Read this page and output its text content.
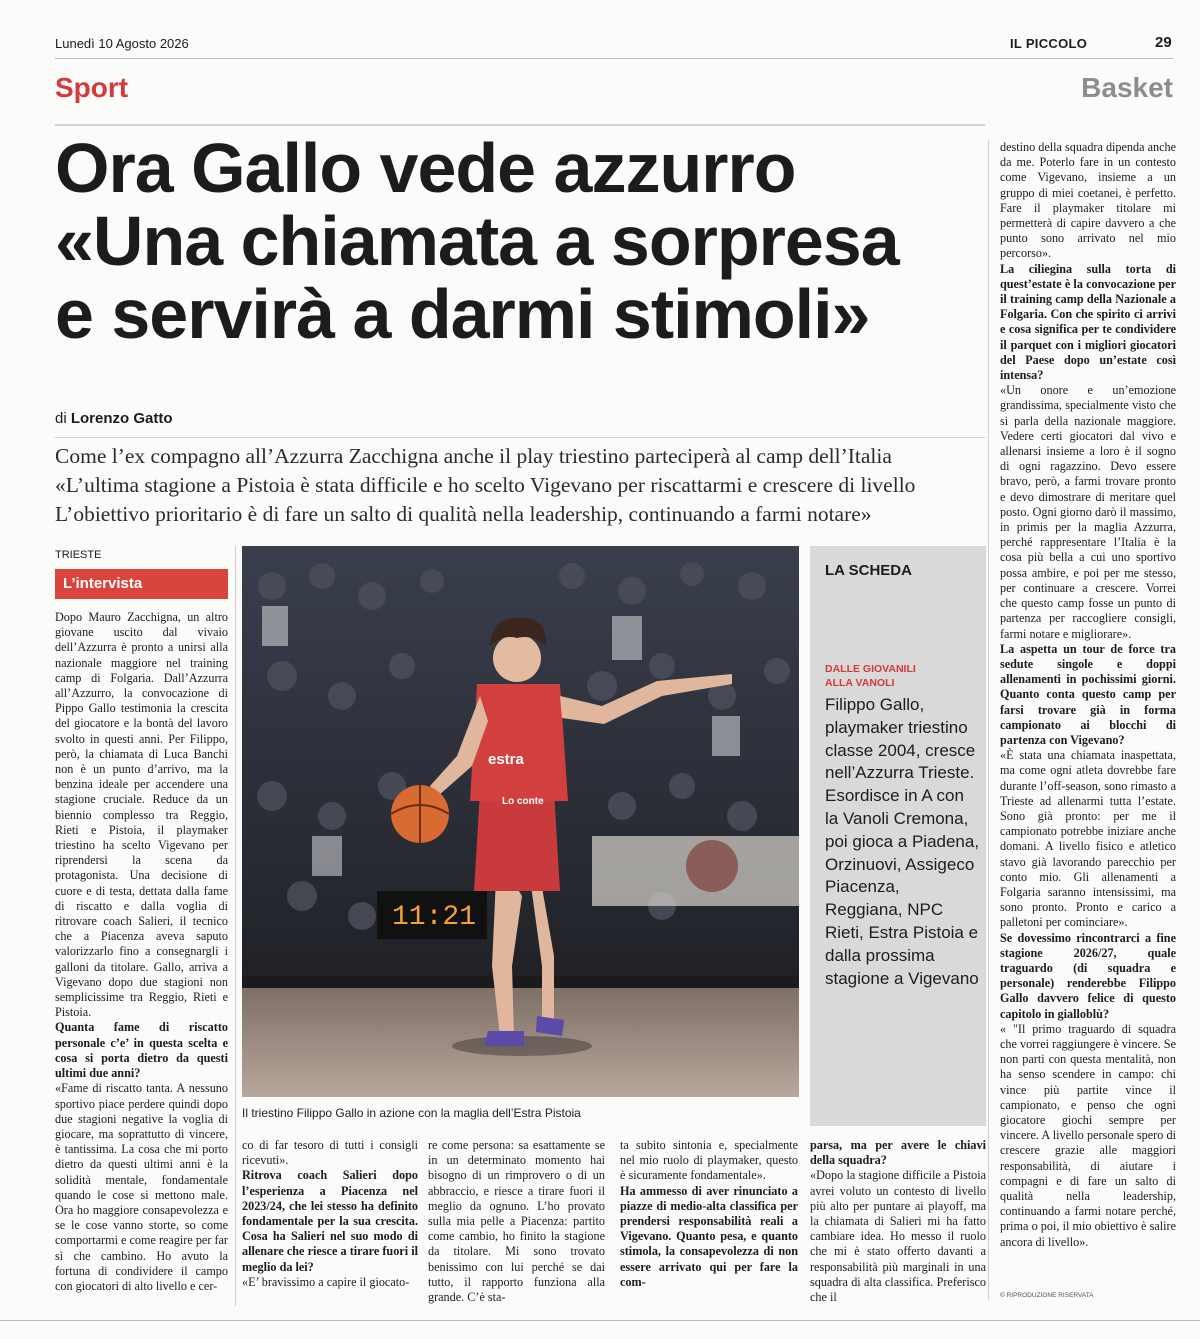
Lunedì 10 Agosto 2026	IL PICCOLO	29
Sport	Basket
Ora Gallo vede azzurro
«Una chiamata a sorpresa
e servirà a darmi stimoli»
di Lorenzo Gatto
Come l’ex compagno all’Azzurra Zacchigna anche il play triestino parteciperà al camp dell’Italia
«L’ultima stagione a Pistoia è stata difficile e ho scelto Vigevano per riscattarmi e crescere di livello
L’obiettivo prioritario è di fare un salto di qualità nella leadership, continuando a farmi notare»
TRIESTE
L’intervista

Dopo Mauro Zacchigna, un altro giovane uscito dal vivaio dell’Azzurra è pronto a unirsi alla nazionale maggiore nel training camp di Folgaria. Dall’Azzurra all’Azzurro, la convocazione di Pippo Gallo testimonia la crescita del giocatore e la bontà del lavoro svolto in questi anni. Per Filippo, però, la chiamata di Luca Banchi non è un punto d’arrivo, ma la benzina ideale per accendere una stagione cruciale. Reduce da un biennio complesso tra Reggio, Rieti e Pistoia, il playmaker triestino ha scelto Vigevano per riprendersi la scena da protagonista. Una decisione di cuore e di testa, dettata dalla fame di riscatto e dalla voglia di ritrovare coach Salieri, il tecnico che a Piacenza aveva saputo valorizzarlo fino a consegnargli i galloni da titolare. Gallo, arriva a Vigevano dopo due stagioni non semplicissime tra Reggio, Rieti e Pistoia.

Quanta fame di riscatto personale c’e’ in questa scelta e cosa si porta dietro da questi ultimi due anni?

«Fame di riscatto tanta. A nessuno sportivo piace perdere quindi dopo due stagioni negative la voglia di giocare, ma soprattutto di vincere, è tantissima. La cosa che mi porto dietro da questi ultimi anni è la solidità mentale, fondamentale quando le cose si mettono male. Ora ho maggiore consapevolezza e se le cose vanno storte, so come comportarmi e come reagire per far sì che cambino. Ho avuto la fortuna di condividere il campo con giocatori di alto livello e cer-

11:21
estra
Lo conte
Il triestino Filippo Gallo in azione con la maglia dell’Estra Pistoia
LA SCHEDA
DALLE GIOVANILI
ALLA VANOLI
Filippo Gallo, playmaker triestino classe 2004, cresce nell’Azzurra Trieste. Esordisce in A con la Vanoli Cremona, poi gioca a Piadena, Orzinuovi, Assigeco Piacenza, Reggiana, NPC Rieti, Estra Pistoia e dalla prossima stagione a Vigevano

co di far tesoro di tutti i consigli ricevuti».

Ritrova coach Salieri dopo l’esperienza a Piacenza nel 2023/24, che lei stesso ha definito fondamentale per la sua crescita. Cosa ha Salieri nel suo modo di allenare che riesce a tirare fuori il meglio da lei?

«E’ bravissimo a capire il giocato-

re come persona: sa esattamente se in un determinato momento hai bisogno di un rimprovero o di un abbraccio, e riesce a tirare fuori il meglio da ognuno. L’ho provato sulla mia pelle a Piacenza: partito come cambio, ho finito la stagione da titolare. Mi sono trovato benissimo con lui perché se dai tutto, il rapporto funziona alla grande. C’è sta-

ta subito sintonia e, specialmente nel mio ruolo di playmaker, questo è sicuramente fondamentale».

Ha ammesso di aver rinunciato a piazze di medio-alta classifica per prendersi responsabilità reali a Vigevano. Quanto pesa, e quanto stimola, la consapevolezza di non essere arrivato qui per fare la com-

parsa, ma per avere le chiavi della squadra?

«Dopo la stagione difficile a Pistoia avrei voluto un contesto di livello più alto per puntare ai playoff, ma la chiamata di Salieri mi ha fatto cambiare idea. Ho messo il ruolo che mi è stato offerto davanti a responsabilità più marginali in una squadra di alta classifica. Preferisco che il

destino della squadra dipenda anche da me. Poterlo fare in un contesto come Vigevano, insieme a un gruppo di miei coetanei, è perfetto. Fare il playmaker titolare mi permetterà di capire davvero a che punto sono arrivato nel mio percorso».

La ciliegina sulla torta di quest’estate è la convocazione per il training camp della Nazionale a Folgaria. Con che spirito ci arrivi e cosa significa per te condividere il parquet con i migliori giocatori del Paese dopo un’estate così intensa?

«Un onore e un’emozione grandissima, specialmente visto che si parla della nazionale maggiore. Vedere certi giocatori dal vivo e allenarsi insieme a loro è il sogno di ogni ragazzino. Devo essere bravo, però, a farmi trovare pronto e devo dimostrare di meritare quel posto. Ogni giorno darò il massimo, in primis per la maglia Azzurra, perché rappresentare l’Italia è la cosa più bella a cui uno sportivo possa ambire, e poi per me stesso, per continuare a crescere. Vorrei che questo camp fosse un punto di partenza per raccogliere consigli, farmi notare e migliorare».

La aspetta un tour de force tra sedute singole e doppi allenamenti in pochissimi giorni. Quanto conta questo camp per farsi trovare già in forma campionato ai blocchi di partenza con Vigevano?

«È stata una chiamata inaspettata, ma come ogni atleta dovrebbe fare durante l’off-season, sono rimasto a Trieste ad allenarmi tutta l’estate. Sono già pronto: per me il campionato potrebbe iniziare anche domani. A livello fisico e atletico stavo già lavorando parecchio per conto mio. Gli allenamenti a Folgaria saranno intensissimi, ma sono pronto. Pronto e carico a palletoni per cominciare».

Se dovessimo rincontrarci a fine stagione 2026/27, quale traguardo (di squadra e personale) renderebbe Filippo Gallo davvero felice di questo capitolo in gialloblù?

« "Il primo traguardo di squadra che vorrei raggiungere è vincere. Se non parti con questa mentalità, non ha senso scendere in campo: chi vince più partite vince il campionato, e penso che ogni giocatore giochi sempre per vincere. A livello personale spero di crescere grazie alle maggiori responsabilità, di aiutare i compagni e di fare un salto di qualità nella leadership, continuando a farmi notare perché, prima o poi, il mio obiettivo è salire ancora di livello».

© RIPRODUZIONE RISERVATA
